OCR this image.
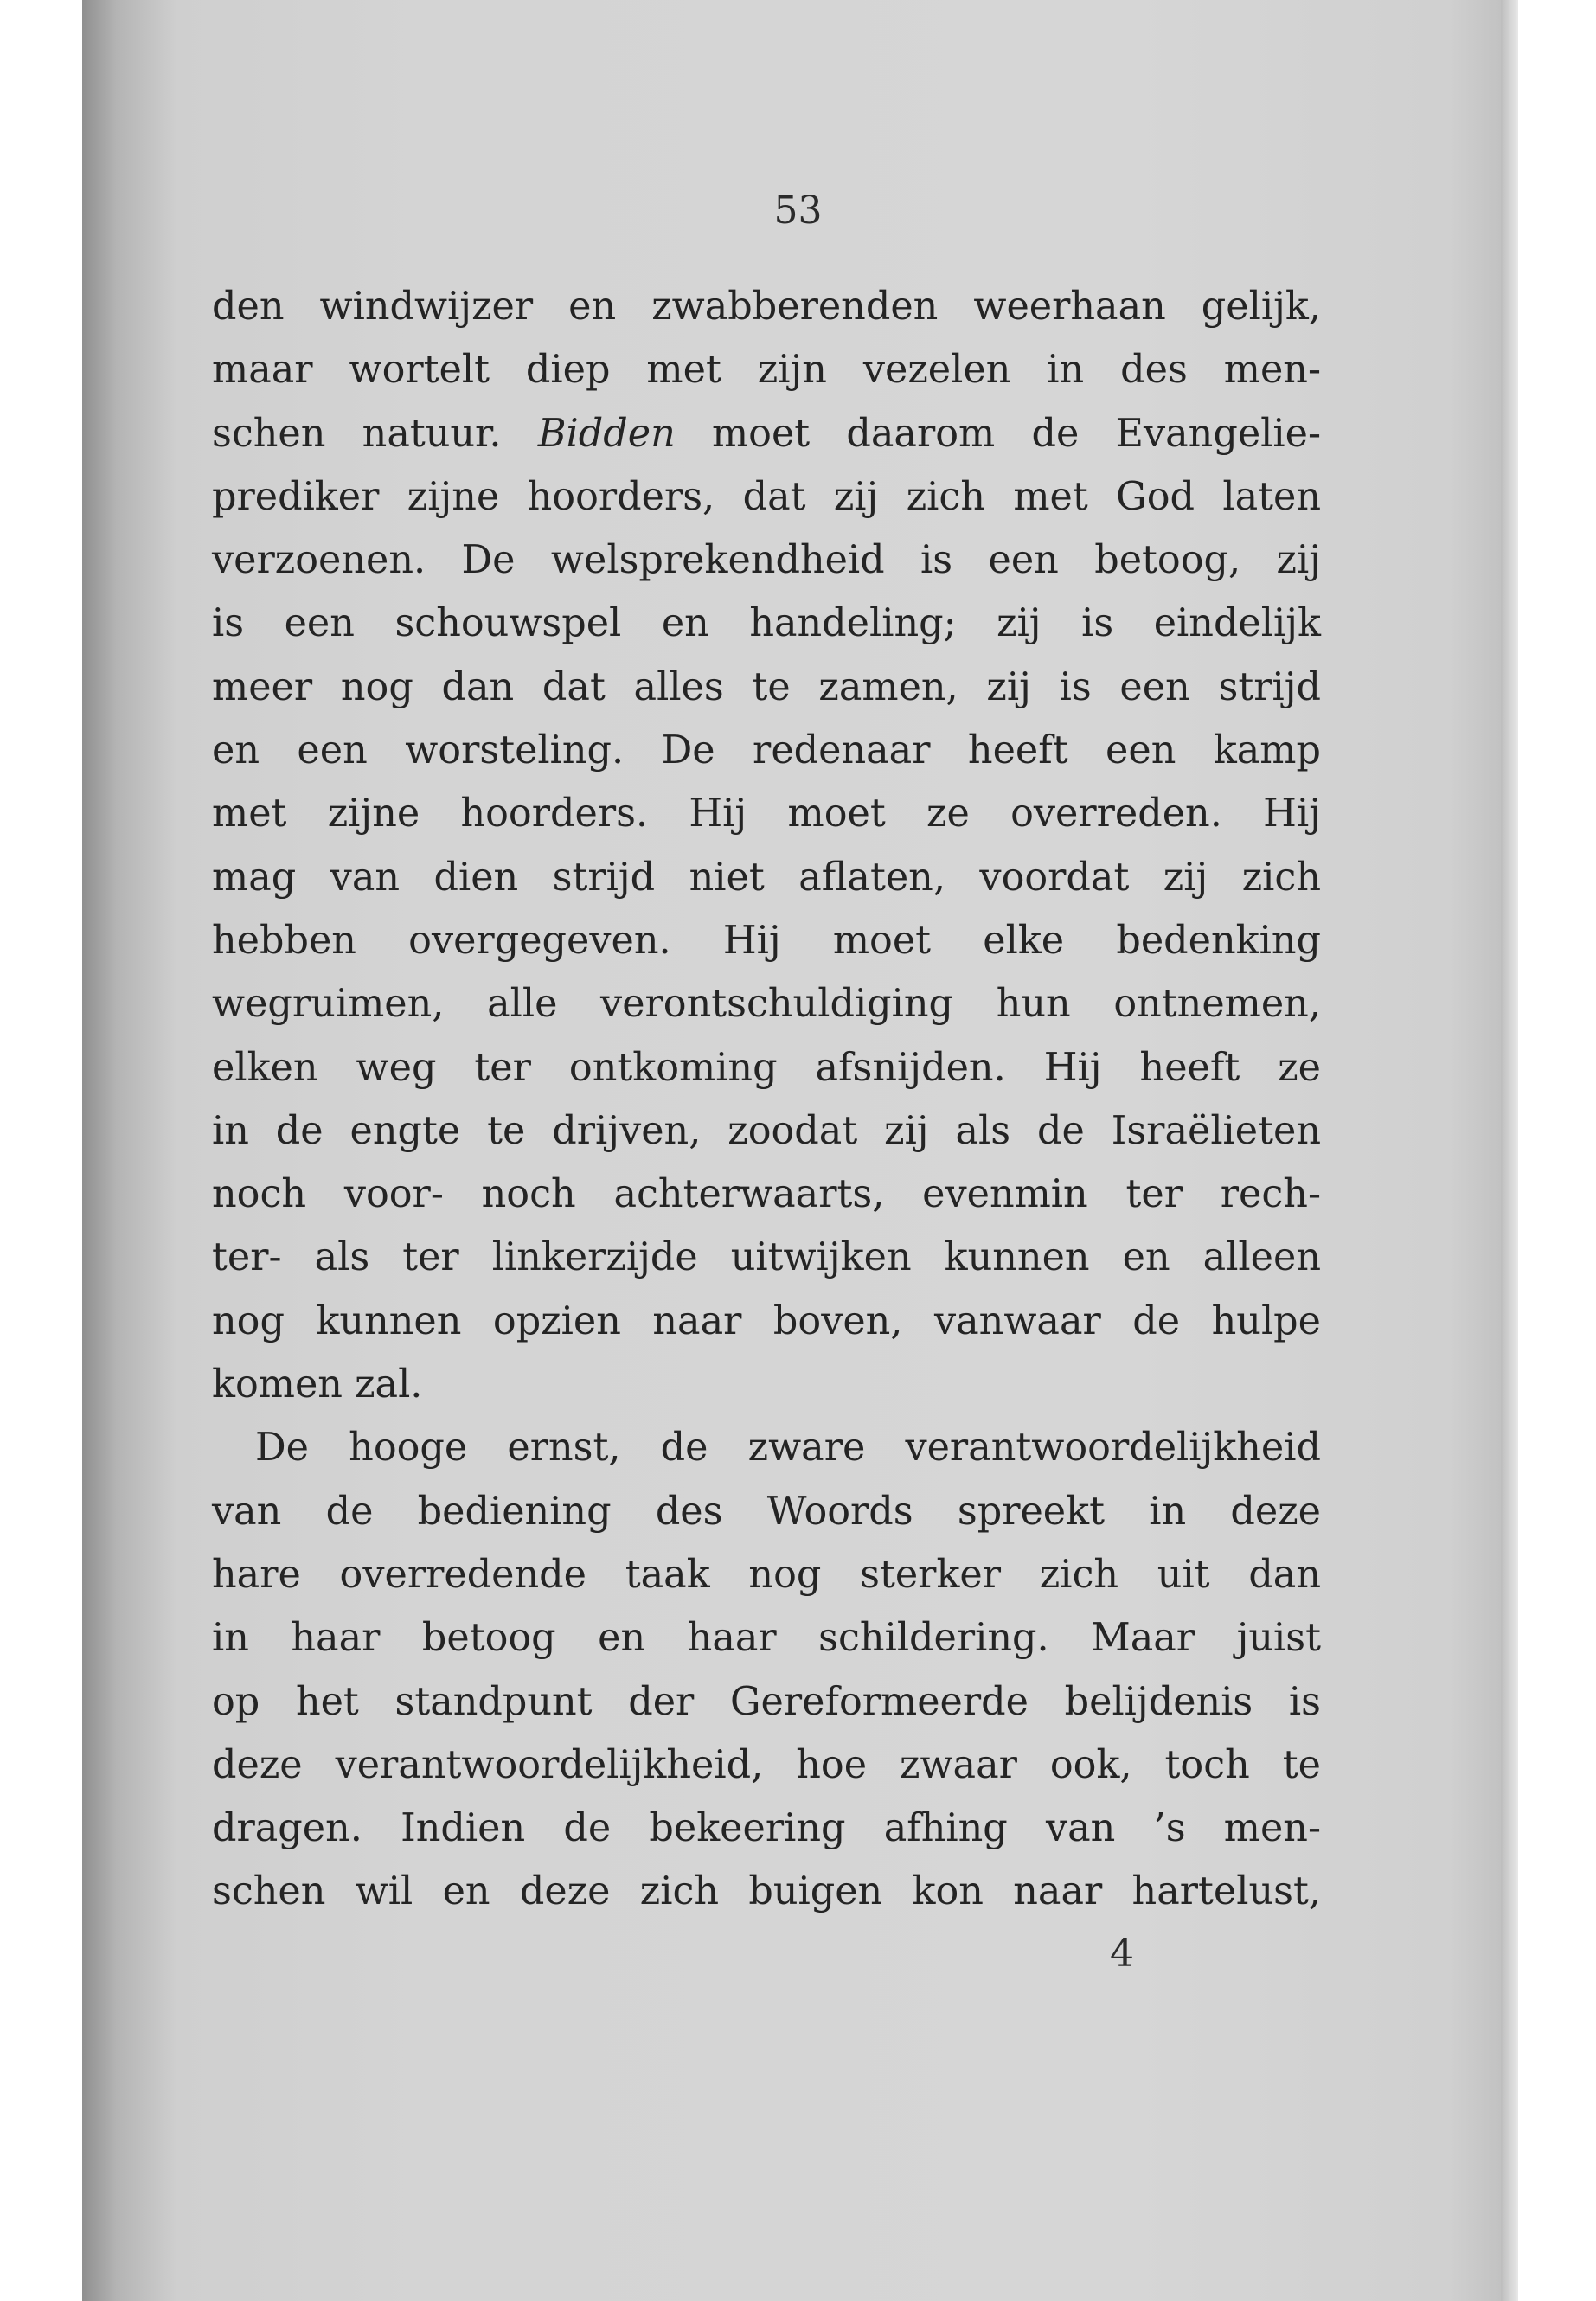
53
den windwijzer en zwabberenden weerhaan gelijk,
maar wortelt diep met zijn vezelen in des men-
schen natuur. Bidden moet daarom de Evangelie-
prediker zijne hoorders, dat zij zich met God laten
verzoenen. De welsprekendheid is een betoog, zij
is een schouwspel en handeling; zij is eindelijk
meer nog dan dat alles te zamen, zij is een strijd
en een worsteling. De redenaar heeft een kamp
met zijne hoorders. Hij moet ze overreden. Hij
mag van dien strijd niet aflaten, voordat zij zich
hebben overgegeven. Hij moet elke bedenking
wegruimen, alle verontschuldiging hun ontnemen,
elken weg ter ontkoming afsnijden. Hij heeft ze
in de engte te drijven, zoodat zij als de Israëlieten
noch voor- noch achterwaarts, evenmin ter rech-
ter- als ter linkerzijde uitwijken kunnen en alleen
nog kunnen opzien naar boven, vanwaar de hulpe
komen zal.
De hooge ernst, de zware verantwoordelijkheid
van de bediening des Woords spreekt in deze
hare overredende taak nog sterker zich uit dan
in haar betoog en haar schildering. Maar juist
op het standpunt der Gereformeerde belijdenis is
deze verantwoordelijkheid, hoe zwaar ook, toch te
dragen. Indien de bekeering afhing van ’s men-
schen wil en deze zich buigen kon naar hartelust,
4
